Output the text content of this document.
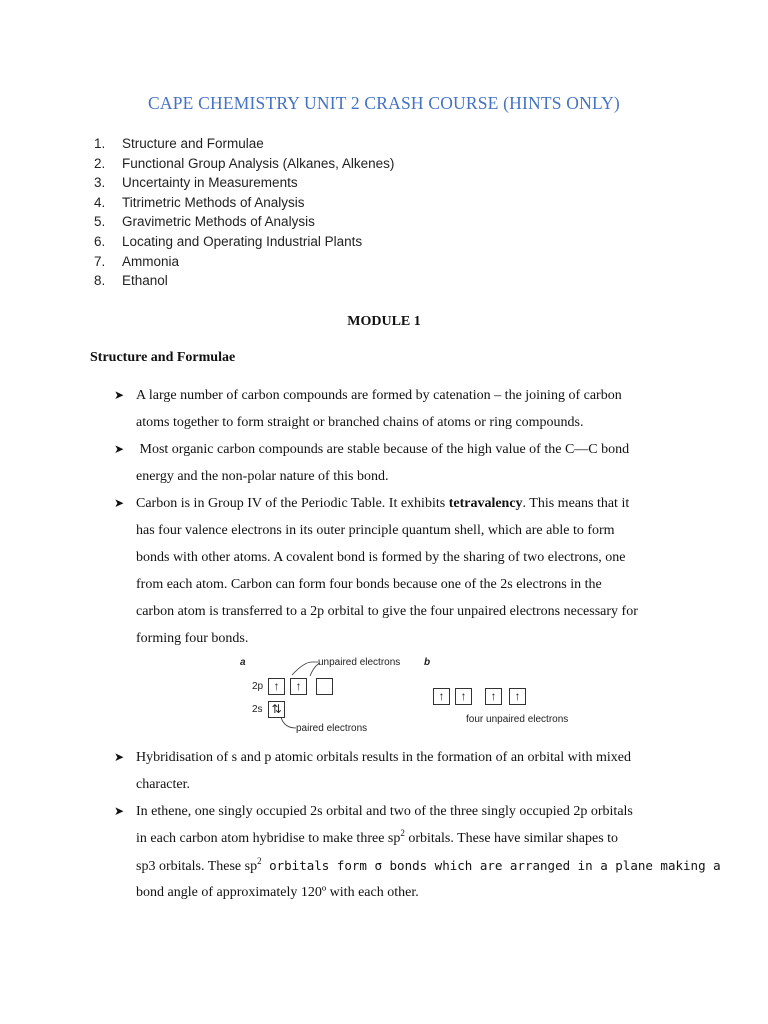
CAPE CHEMISTRY UNIT 2 CRASH COURSE (HINTS ONLY)
1.	Structure and Formulae
2.	Functional Group Analysis (Alkanes, Alkenes)
3.	Uncertainty in Measurements
4.	Titrimetric Methods of Analysis
5.	Gravimetric Methods of Analysis
6.	Locating and Operating Industrial Plants
7.	Ammonia
8.	Ethanol
MODULE 1
Structure and Formulae
➤ A large number of carbon compounds are formed by catenation – the joining of carbon
atoms together to form straight or branched chains of atoms or ring compounds.
➤ Most organic carbon compounds are stable because of the high value of the C—C bond
energy and the non-polar nature of this bond.
➤ Carbon is in Group IV of the Periodic Table. It exhibits tetravalency. This means that it
has four valence electrons in its outer principle quantum shell, which are able to form
bonds with other atoms. A covalent bond is formed by the sharing of two electrons, one
from each atom. Carbon can form four bonds because one of the 2s electrons in the
carbon atom is transferred to a 2p orbital to give the four unpaired electrons necessary for
forming four bonds.
a	unpaired electrons b
2p ↑	↑
2s ⇅
paired electrons
↑	↑	↑	↑
four unpaired electrons
➤ Hybridisation of s and p atomic orbitals results in the formation of an orbital with mixed
character.
➤ In ethene, one singly occupied 2s orbital and two of the three singly occupied 2p orbitals
in each carbon atom hybridise to make three $sp^2$ orbitals. These have similar shapes to
sp3 orbitals. These $sp^2$ orbitals form σ bonds which are arranged in a plane making a
bond angle of approximately 120º with each other.
